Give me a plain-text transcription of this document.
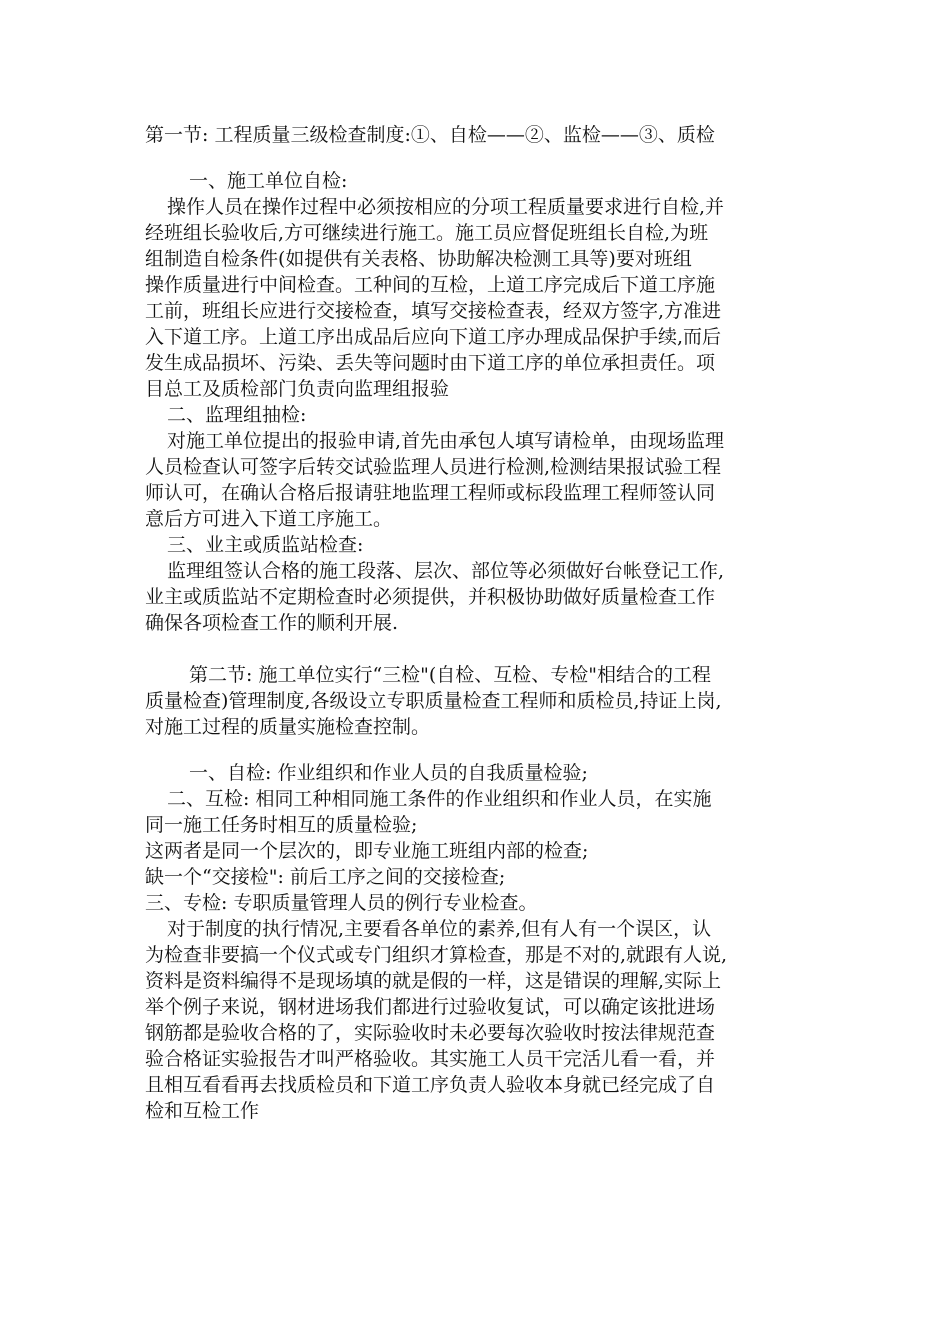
第一节: 工程质量三级检查制度:①、自检——②、监检——③、质检
一、施工单位自检:
操作人员在操作过程中必须按相应的分项工程质量要求进行自检,并
经班组长验收后,方可继续进行施工。施工员应督促班组长自检,为班
组制造自检条件(如提供有关表格、协助解决检测工具等)要对班组
操作质量进行中间检查。工种间的互检，上道工序完成后下道工序施
工前，班组长应进行交接检查，填写交接检查表，经双方签字,方准进
入下道工序。上道工序出成品后应向下道工序办理成品保护手续,而后
发生成品损坏、污染、丢失等问题时由下道工序的单位承担责任。项
目总工及质检部门负责向监理组报验
二、监理组抽检:
对施工单位提出的报验申请,首先由承包人填写请检单，由现场监理
人员检查认可签字后转交试验监理人员进行检测,检测结果报试验工程
师认可，在确认合格后报请驻地监理工程师或标段监理工程师签认同
意后方可进入下道工序施工。
三、业主或质监站检查:
监理组签认合格的施工段落、层次、部位等必须做好台帐登记工作,
业主或质监站不定期检查时必须提供，并积极协助做好质量检查工作
确保各项检查工作的顺利开展.
第二节: 施工单位实行“三检"(自检、互检、专检"相结合的工程
质量检查)管理制度,各级设立专职质量检查工程师和质检员,持证上岗,
对施工过程的质量实施检查控制。
一、自检: 作业组织和作业人员的自我质量检验;
二、互检: 相同工种相同施工条件的作业组织和作业人员，在实施
同一施工任务时相互的质量检验;
这两者是同一个层次的，即专业施工班组内部的检查;
缺一个“交接检": 前后工序之间的交接检查;
三、专检: 专职质量管理人员的例行专业检查。
对于制度的执行情况,主要看各单位的素养,但有人有一个误区，认
为检查非要搞一个仪式或专门组织才算检查，那是不对的,就跟有人说,
资料是资料编得不是现场填的就是假的一样，这是错误的理解,实际上
举个例子来说，钢材进场我们都进行过验收复试，可以确定该批进场
钢筋都是验收合格的了，实际验收时未必要每次验收时按法律规范查
验合格证实验报告才叫严格验收。其实施工人员干完活儿看一看，并
且相互看看再去找质检员和下道工序负责人验收本身就已经完成了自
检和互检工作
